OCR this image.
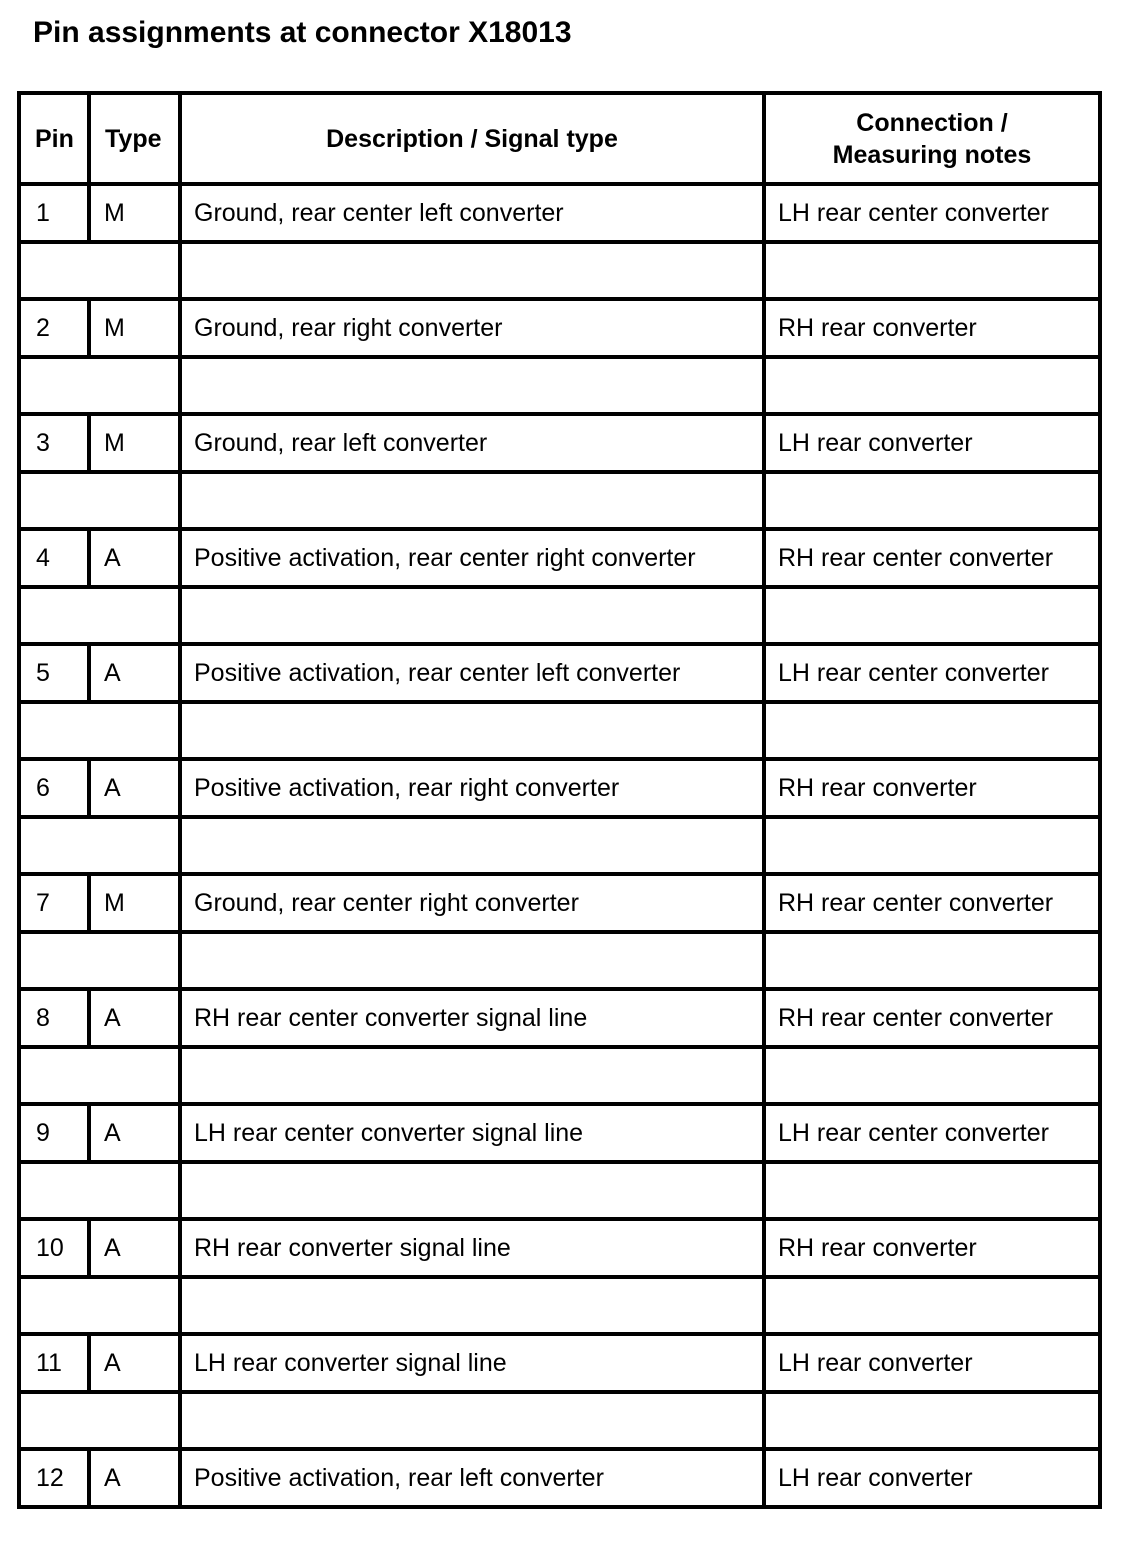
Pin assignments at connector X18013
Pin	Type	Description / Signal type	Connection / Measuring notes
1	M	Ground, rear center left converter	LH rear center converter

2	M	Ground, rear right converter	RH rear converter

3	M	Ground, rear left converter	LH rear converter

4	A	Positive activation, rear center right converter	RH rear center converter

5	A	Positive activation, rear center left converter	LH rear center converter

6	A	Positive activation, rear right converter	RH rear converter

7	M	Ground, rear center right converter	RH rear center converter

8	A	RH rear center converter signal line	RH rear center converter

9	A	LH rear center converter signal line	LH rear center converter

10	A	RH rear converter signal line	RH rear converter

11	A	LH rear converter signal line	LH rear converter

12	A	Positive activation, rear left converter	LH rear converter
